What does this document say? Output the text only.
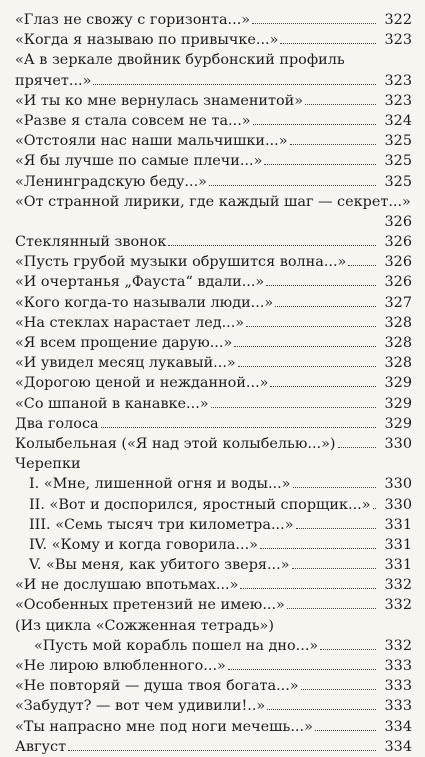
«Глаз не свожу с горизонта...»	322
«Когда я называю по привычке...»	323
«А в зеркале двойник бурбонский профиль прячет...»	323
«И ты ко мне вернулась знаменитой»	323
«Разве я стала совсем не та...»	324
«Отстояли нас наши мальчишки...»	325
«Я бы лучше по самые плечи...»	325
«Ленинградскую беду...»	325
«От странной лирики, где каждый шаг — секрет...»
326
Стеклянный звонок	326
«Пусть грубой музыки обрушится волна...»	326
«И очертанья „Фауста“ вдали...»	326
«Кого когда-то называли люди...»	327
«На стеклах нарастает лед...»	328
«Я всем прощение дарую...»	328
«И увидел месяц лукавый...»	328
«Дорогою ценой и нежданной...»	329
«Со шпаной в канавке...»	329
Два голоса	329
Колыбельная («Я над этой колыбелью...»)	330
Черепки
I. «Мне, лишенной огня и воды...»	330
II. «Вот и доспорился, яростный спорщик...» 330
III. «Семь тысяч три километра...»	331
IV. «Кому и когда говорила...»	331
V. «Вы меня, как убитого зверя...»	331
«И не дослушаю впотьмах...»	332
«Особенных претензий не имею...»	332
(Из цикла «Сожженная тетрадь»)
«Пусть мой корабль пошел на дно...»	332
«Не лирою влюбленного...»	333
«Не повторяй — душа твоя богата...»	333
«Забудут? — вот чем удивили!..»	333
«Ты напрасно мне под ноги мечешь...»	334
Август	334
